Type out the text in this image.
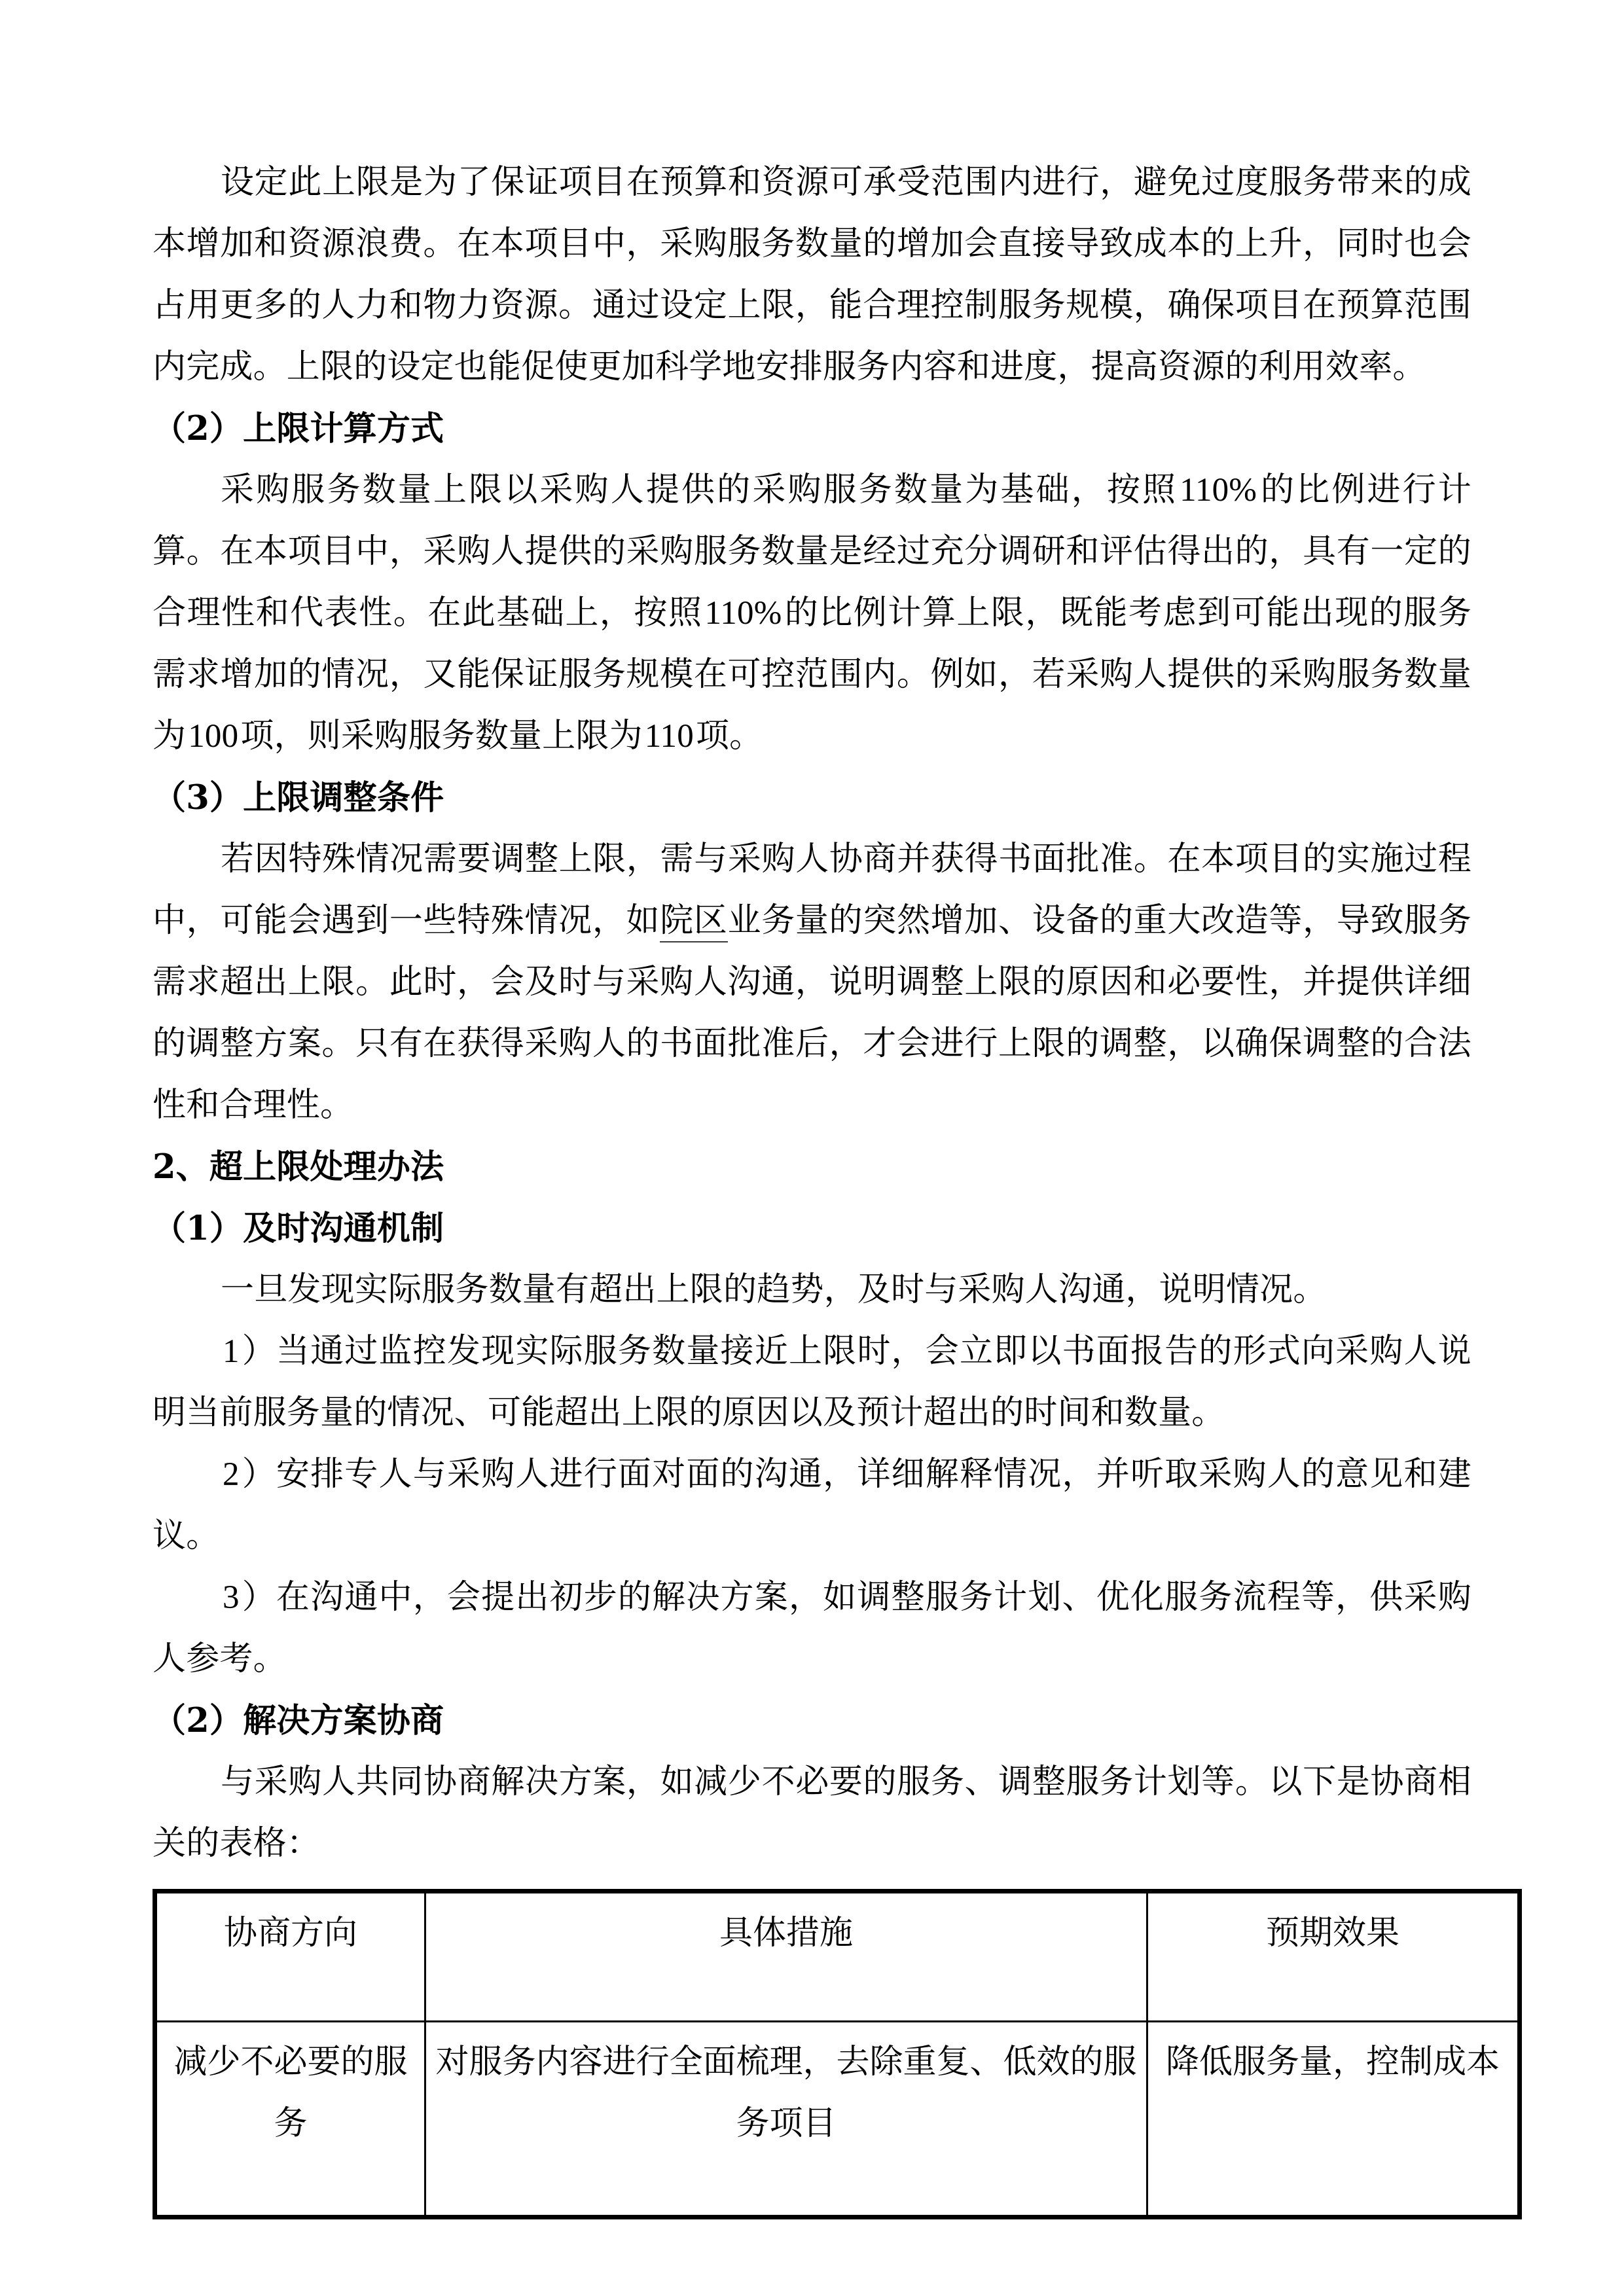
设定此上限是为了保证项目在预算和资源可承受范围内进行，避免过度服务带来的成本增加和资源浪费。在本项目中，采购服务数量的增加会直接导致成本的上升，同时也会占用更多的人力和物力资源。通过设定上限，能合理控制服务规模，确保项目在预算范围内完成。上限的设定也能促使更加科学地安排服务内容和进度，提高资源的利用效率。

（2）上限计算方式

采购服务数量上限以采购人提供的采购服务数量为基础，按照110%的比例进行计算。在本项目中，采购人提供的采购服务数量是经过充分调研和评估得出的，具有一定的合理性和代表性。在此基础上，按照110%的比例计算上限，既能考虑到可能出现的服务需求增加的情况，又能保证服务规模在可控范围内。例如，若采购人提供的采购服务数量为100项，则采购服务数量上限为110项。

（3）上限调整条件

若因特殊情况需要调整上限，需与采购人协商并获得书面批准。在本项目的实施过程中，可能会遇到一些特殊情况，如院区业务量的突然增加、设备的重大改造等，导致服务需求超出上限。此时，会及时与采购人沟通，说明调整上限的原因和必要性，并提供详细的调整方案。只有在获得采购人的书面批准后，才会进行上限的调整，以确保调整的合法性和合理性。

2、超上限处理办法

（1）及时沟通机制

一旦发现实际服务数量有超出上限的趋势，及时与采购人沟通，说明情况。

1）当通过监控发现实际服务数量接近上限时，会立即以书面报告的形式向采购人说明当前服务量的情况、可能超出上限的原因以及预计超出的时间和数量。

2）安排专人与采购人进行面对面的沟通，详细解释情况，并听取采购人的意见和建议。

3）在沟通中，会提出初步的解决方案，如调整服务计划、优化服务流程等，供采购人参考。

（2）解决方案协商

与采购人共同协商解决方案，如减少不必要的服务、调整服务计划等。以下是协商相关的表格：

协商方向	具体措施	预期效果
减少不必要的服务	对服务内容进行全面梳理，去除重复、低效的服务项目	降低服务量，控制成本
